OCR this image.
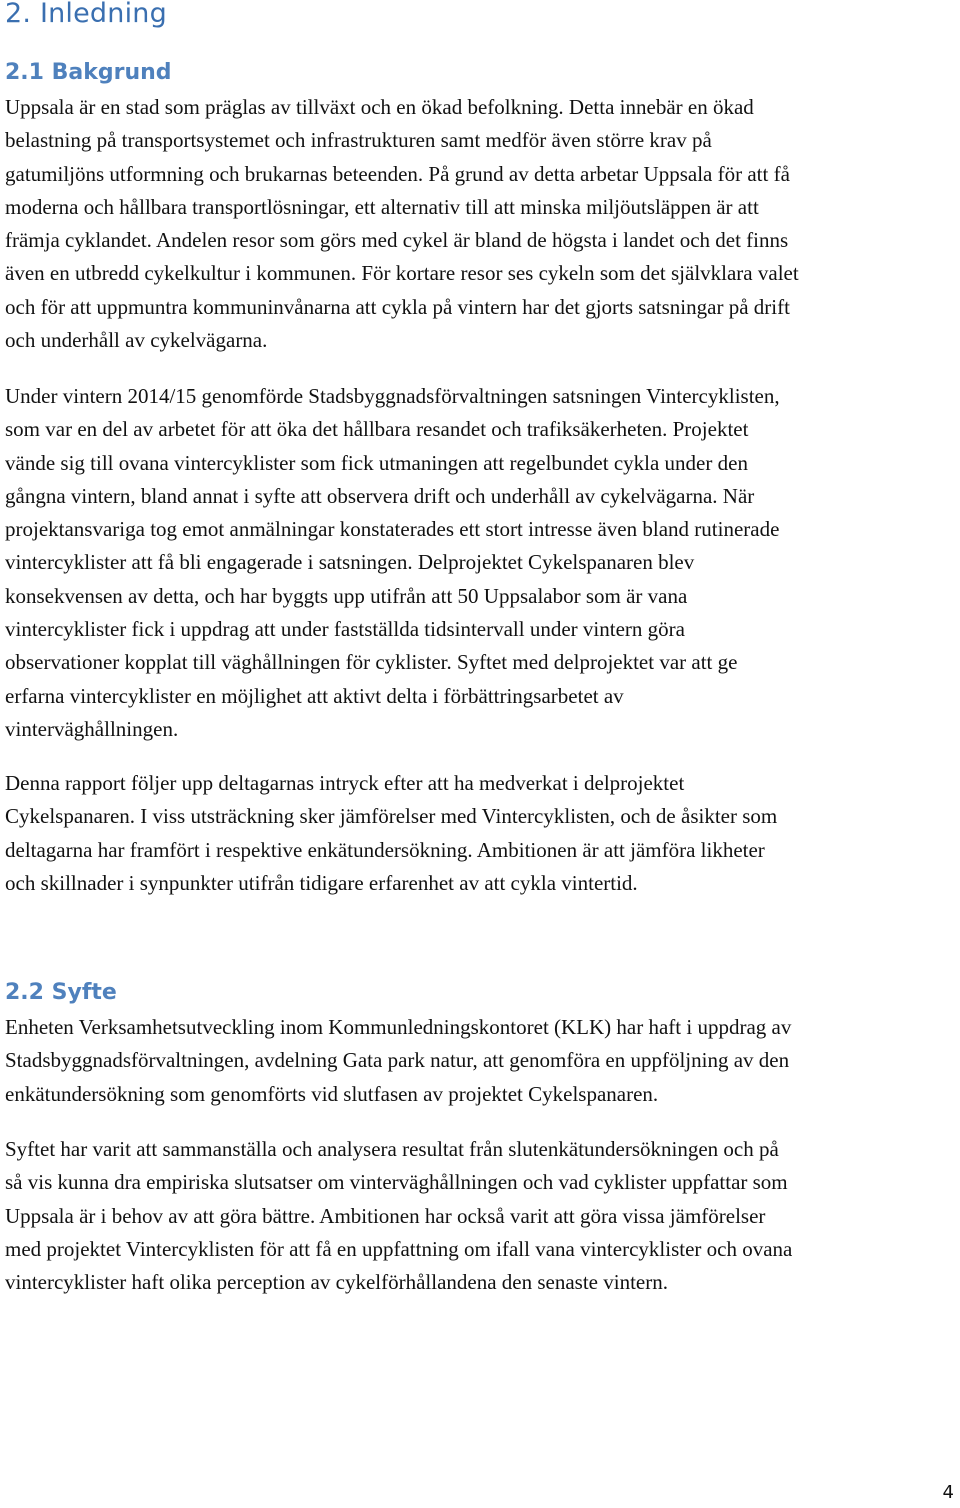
2. Inledning
2.1 Bakgrund

Uppsala är en stad som präglas av tillväxt och en ökad befolkning. Detta innebär en ökad
belastning på transportsystemet och infrastrukturen samt medför även större krav på
gatumiljöns utformning och brukarnas beteenden. På grund av detta arbetar Uppsala för att få
moderna och hållbara transportlösningar, ett alternativ till att minska miljöutsläppen är att
främja cyklandet. Andelen resor som görs med cykel är bland de högsta i landet och det finns
även en utbredd cykelkultur i kommunen. För kortare resor ses cykeln som det självklara valet
och för att uppmuntra kommuninvånarna att cykla på vintern har det gjorts satsningar på drift
och underhåll av cykelvägarna.

Under vintern 2014/15 genomförde Stadsbyggnadsförvaltningen satsningen Vintercyklisten,
som var en del av arbetet för att öka det hållbara resandet och trafiksäkerheten. Projektet
vände sig till ovana vintercyklister som fick utmaningen att regelbundet cykla under den
gångna vintern, bland annat i syfte att observera drift och underhåll av cykelvägarna. När
projektansvariga tog emot anmälningar konstaterades ett stort intresse även bland rutinerade
vintercyklister att få bli engagerade i satsningen. Delprojektet Cykelspanaren blev
konsekvensen av detta, och har byggts upp utifrån att 50 Uppsalabor som är vana
vintercyklister fick i uppdrag att under fastställda tidsintervall under vintern göra
observationer kopplat till väghållningen för cyklister. Syftet med delprojektet var att ge
erfarna vintercyklister en möjlighet att aktivt delta i förbättringsarbetet av
vinterväghållningen.

Denna rapport följer upp deltagarnas intryck efter att ha medverkat i delprojektet
Cykelspanaren. I viss utsträckning sker jämförelser med Vintercyklisten, och de åsikter som
deltagarna har framfört i respektive enkätundersökning. Ambitionen är att jämföra likheter
och skillnader i synpunkter utifrån tidigare erfarenhet av att cykla vintertid.

2.2 Syfte

Enheten Verksamhetsutveckling inom Kommunledningskontoret (KLK) har haft i uppdrag av
Stadsbyggnadsförvaltningen, avdelning Gata park natur, att genomföra en uppföljning av den
enkätundersökning som genomförts vid slutfasen av projektet Cykelspanaren.

Syftet har varit att sammanställa och analysera resultat från slutenkätundersökningen och på
så vis kunna dra empiriska slutsatser om vinterväghållningen och vad cyklister uppfattar som
Uppsala är i behov av att göra bättre. Ambitionen har också varit att göra vissa jämförelser
med projektet Vintercyklisten för att få en uppfattning om ifall vana vintercyklister och ovana
vintercyklister haft olika perception av cykelförhållandena den senaste vintern.

4
